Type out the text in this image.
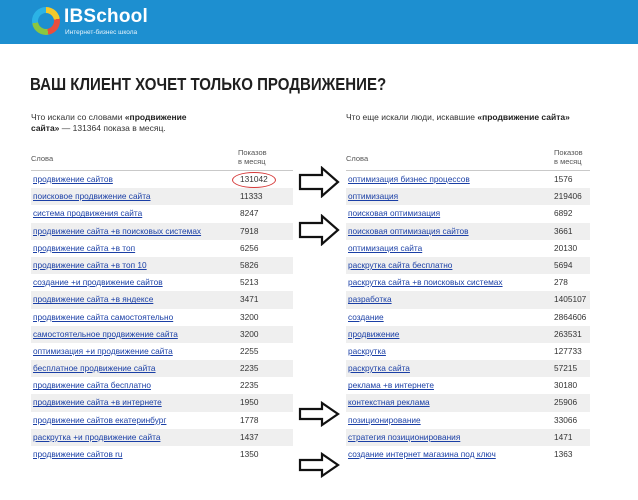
IBSchool
Интернет-бизнес школа
ВАШ КЛИЕНТ ХОЧЕТ ТОЛЬКО ПРОДВИЖЕНИЕ?
Что искали со словами «продвижение
сайта» — 131364 показа в месяц.
Что еще искали люди, искавшие «продвижение сайта»
Слова
Показов
в месяц
продвижение сайтов	131042
поисковое продвижение сайта	11333
система продвижения сайта	8247
продвижение сайта +в поисковых системах	7918
продвижение сайта +в топ	6256
продвижение сайта +в топ 10	5826
создание +и продвижение сайтов	5213
продвижение сайта +в яндексе	3471
продвижение сайта самостоятельно	3200
самостоятельное продвижение сайта	3200
оптимизация +и продвижение сайта	2255
бесплатное продвижение сайта	2235
продвижение сайта бесплатно	2235
продвижение сайта +в интернете	1950
продвижение сайтов екатеринбург	1778
раскрутка +и продвижение сайта	1437
продвижение сайтов ru	1350
Слова
Показов
в месяц
оптимизация бизнес процессов	1576
оптимизация	219406
поисковая оптимизация	6892
поисковая оптимизация сайтов	3661
оптимизация сайта	20130
раскрутка сайта бесплатно	5694
раскрутка сайта +в поисковых системах	278
разработка	1405107
создание	2864606
продвижение	263531
раскрутка	127733
раскрутка сайта	57215
реклама +в интернете	30180
контекстная реклама	25906
позиционирование	33066
стратегия позиционирования	1471
создание интернет магазина под ключ	1363
